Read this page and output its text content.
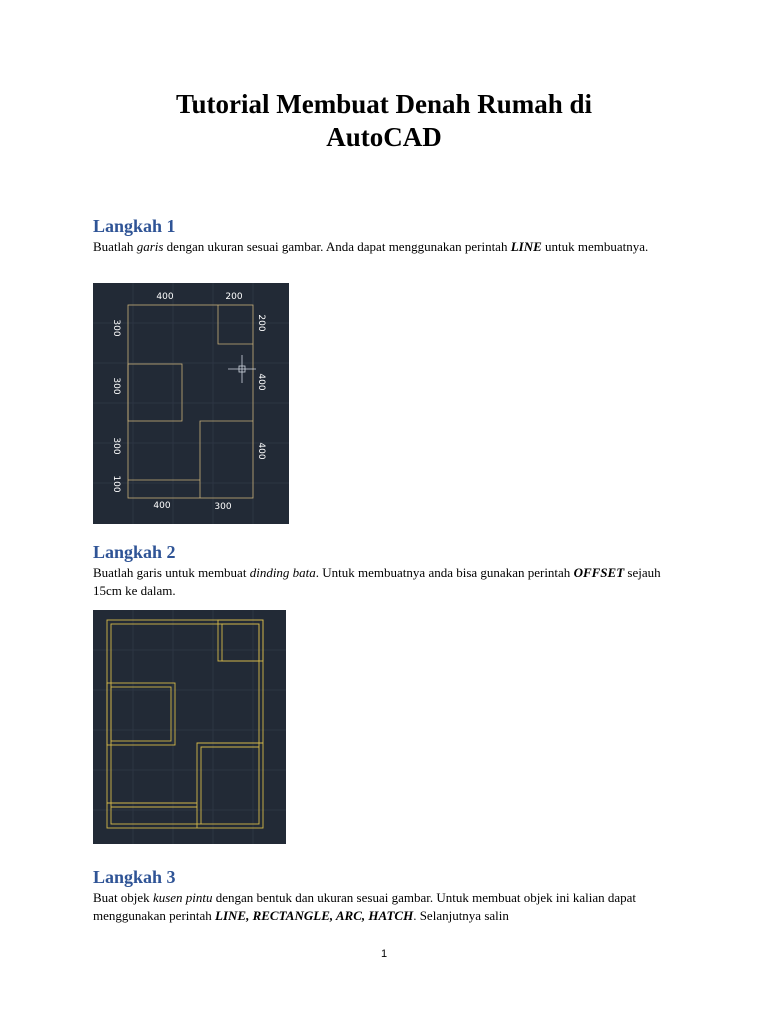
Tutorial Membuat Denah Rumah di
AutoCAD
Langkah 1
Buatlah garis dengan ukuran sesuai gambar. Anda dapat menggunakan perintah LINE untuk membuatnya.
400	200
300
300
300
100
200
400
400
400	300
Langkah 2
Buatlah garis untuk membuat dinding bata. Untuk membuatnya anda bisa gunakan perintah OFFSET sejauh 15cm ke dalam.
Langkah 3
Buat objek kusen pintu dengan bentuk dan ukuran sesuai gambar. Untuk membuat objek ini kalian dapat menggunakan perintah LINE, RECTANGLE, ARC, HATCH. Selanjutnya salin
1
